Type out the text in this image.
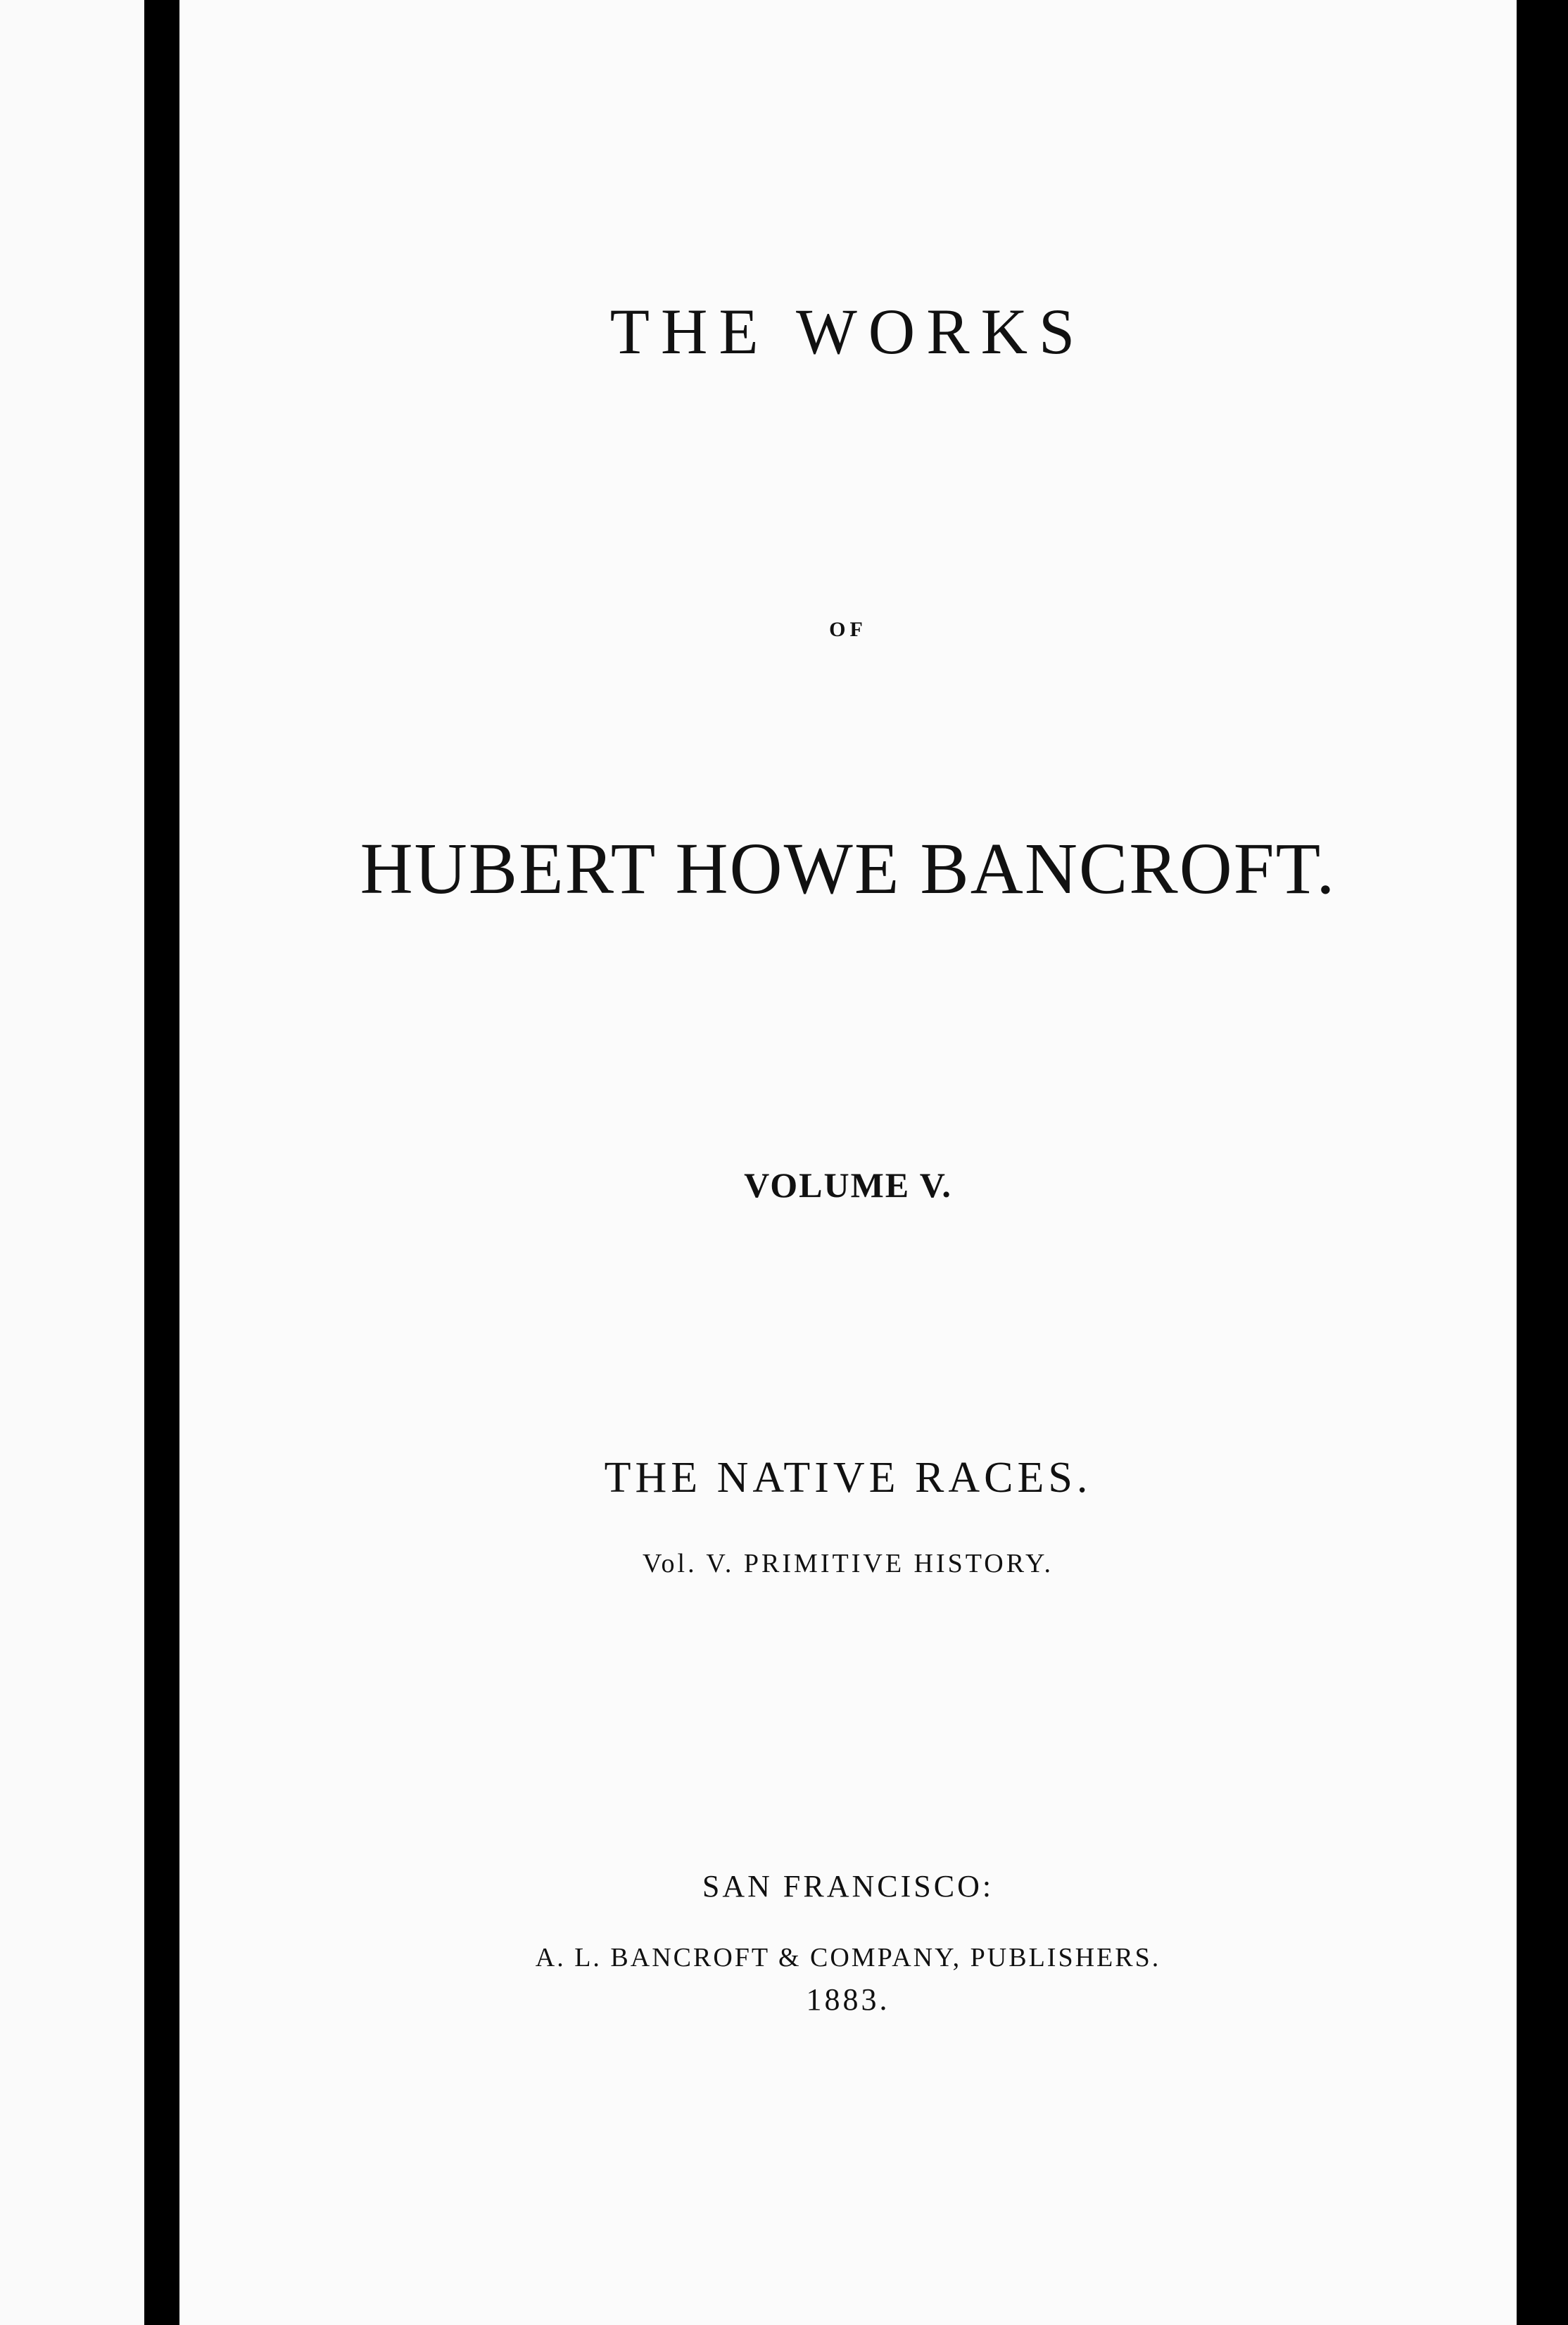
THE WORKS
OF
HUBERT HOWE BANCROFT.
VOLUME V.
THE NATIVE RACES.
Vol. V. PRIMITIVE HISTORY.
SAN FRANCISCO:
A. L. BANCROFT & COMPANY, PUBLISHERS.
1883.
